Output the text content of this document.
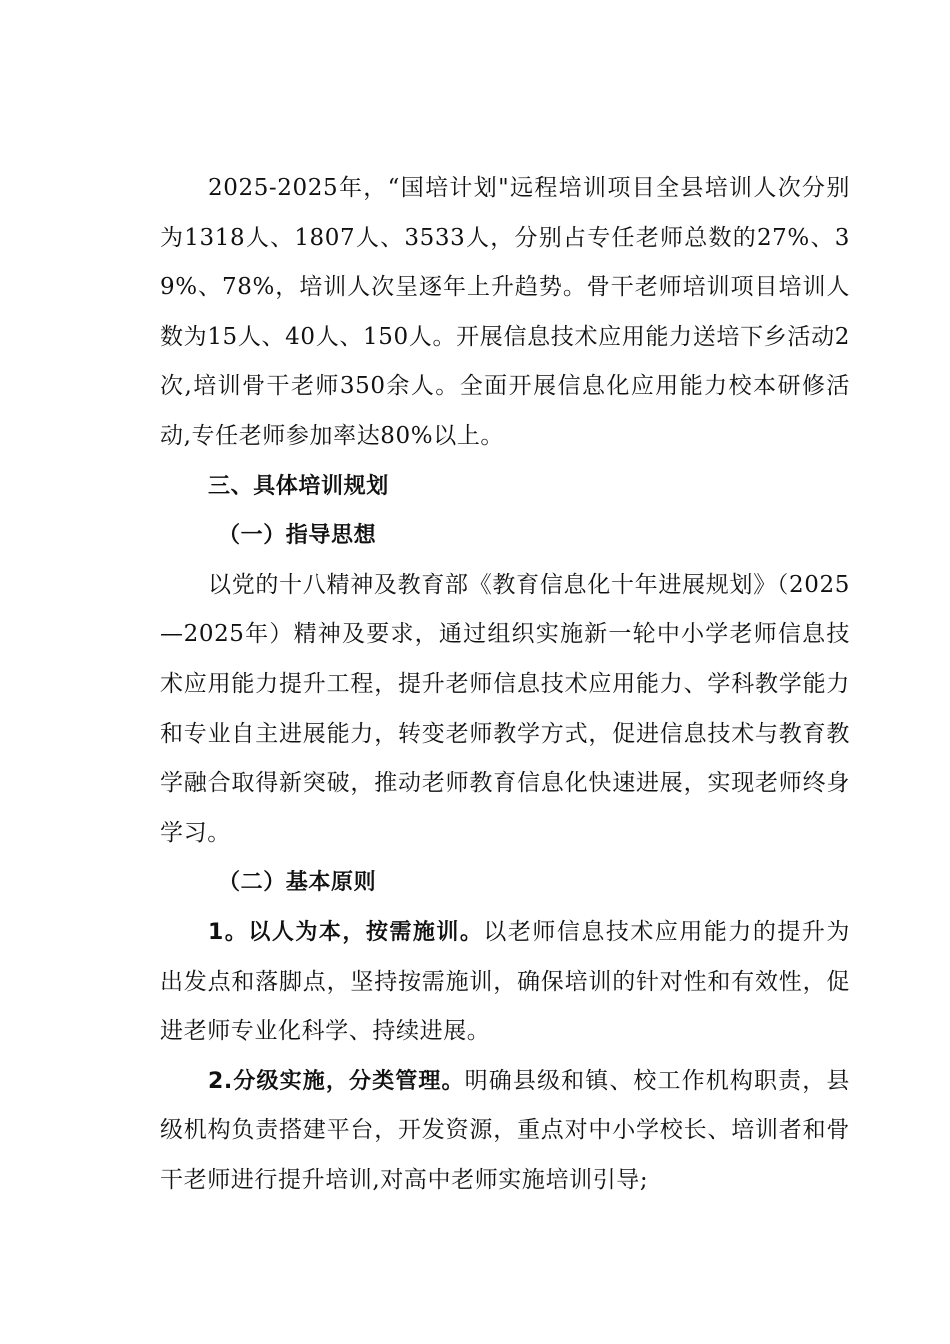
2025-2025年，“国培计划"远程培训项目全县培训人次分别为1318人、1807人、3533人，分别占专任老师总数的27%、39%、78%，培训人次呈逐年上升趋势。骨干老师培训项目培训人数为15人、40人、150人。开展信息技术应用能力送培下乡活动2次,培训骨干老师350余人。全面开展信息化应用能力校本研修活动,专任老师参加率达80%以上。

三、具体培训规划
（一）指导思想

以党的十八精神及教育部《教育信息化十年进展规划》（2025—2025年）精神及要求，通过组织实施新一轮中小学老师信息技术应用能力提升工程，提升老师信息技术应用能力、学科教学能力和专业自主进展能力，转变老师教学方式，促进信息技术与教育教学融合取得新突破，推动老师教育信息化快速进展，实现老师终身学习。

（二）基本原则

1。以人为本，按需施训。以老师信息技术应用能力的提升为出发点和落脚点，坚持按需施训，确保培训的针对性和有效性，促进老师专业化科学、持续进展。

2.分级实施，分类管理。明确县级和镇、校工作机构职责，县级机构负责搭建平台，开发资源，重点对中小学校长、培训者和骨干老师进行提升培训,对高中老师实施培训引导;
